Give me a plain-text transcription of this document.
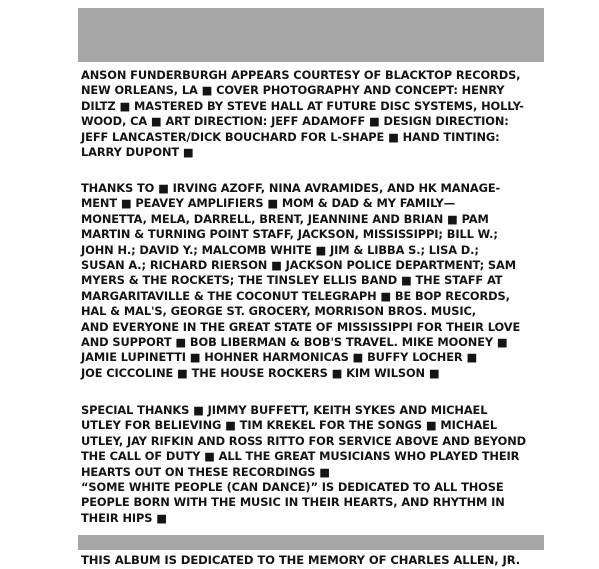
ANSON FUNDERBURGH APPEARS COURTESY OF BLACKTOP RECORDS,
NEW ORLEANS, LA ■ COVER PHOTOGRAPHY AND CONCEPT: HENRY
DILTZ ■ MASTERED BY STEVE HALL AT FUTURE DISC SYSTEMS, HOLLY-
WOOD, CA ■ ART DIRECTION: JEFF ADAMOFF ■ DESIGN DIRECTION:
JEFF LANCASTER/DICK BOUCHARD FOR L-SHAPE ■ HAND TINTING:
LARRY DUPONT ■

THANKS TO ■ IRVING AZOFF, NINA AVRAMIDES, AND HK MANAGE-
MENT ■ PEAVEY AMPLIFIERS ■ MOM & DAD & MY FAMILY—
MONETTA, MELA, DARRELL, BRENT, JEANNINE AND BRIAN ■ PAM
MARTIN & TURNING POINT STAFF, JACKSON, MISSISSIPPI; BILL W.;
JOHN H.; DAVID Y.; MALCOMB WHITE ■ JIM & LIBBA S.; LISA D.;
SUSAN A.; RICHARD RIERSON ■ JACKSON POLICE DEPARTMENT; SAM
MYERS & THE ROCKETS; THE TINSLEY ELLIS BAND ■ THE STAFF AT
MARGARITAVILLE & THE COCONUT TELEGRAPH ■ BE BOP RECORDS,
HAL & MAL'S, GEORGE ST. GROCERY, MORRISON BROS. MUSIC,
AND EVERYONE IN THE GREAT STATE OF MISSISSIPPI FOR THEIR LOVE
AND SUPPORT ■ BOB LIBERMAN & BOB'S TRAVEL. MIKE MOONEY ■
JAMIE LUPINETTI ■ HOHNER HARMONICAS ■ BUFFY LOCHER ■
JOE CICCOLINE ■ THE HOUSE ROCKERS ■ KIM WILSON ■

SPECIAL THANKS ■ JIMMY BUFFETT, KEITH SYKES AND MICHAEL
UTLEY FOR BELIEVING ■ TIM KREKEL FOR THE SONGS ■ MICHAEL
UTLEY, JAY RIFKIN AND ROSS RITTO FOR SERVICE ABOVE AND BEYOND
THE CALL OF DUTY ■ ALL THE GREAT MUSICIANS WHO PLAYED THEIR
HEARTS OUT ON THESE RECORDINGS ■
“SOME WHITE PEOPLE (CAN DANCE)” IS DEDICATED TO ALL THOSE
PEOPLE BORN WITH THE MUSIC IN THEIR HEARTS, AND RHYTHM IN
THEIR HIPS ■

THIS ALBUM IS DEDICATED TO THE MEMORY OF CHARLES ALLEN, JR.
